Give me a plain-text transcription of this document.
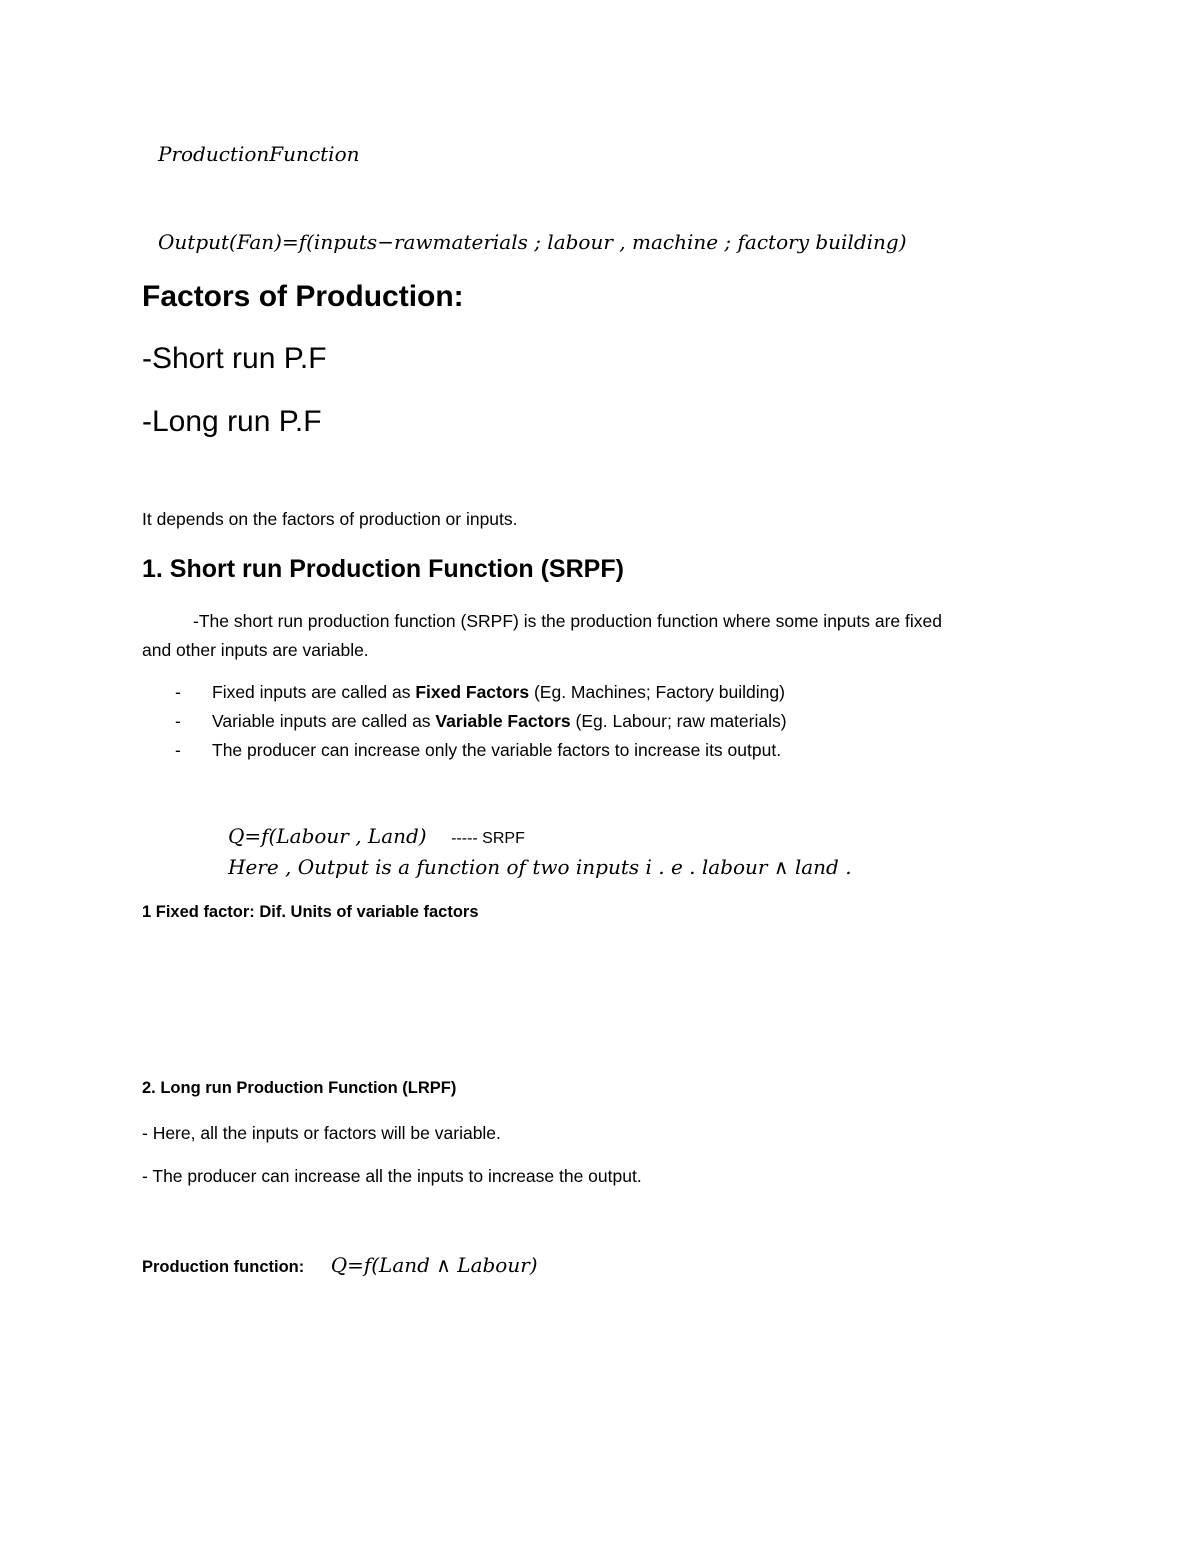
ProductionFunction
Output(Fan)=f(inputs−rawmaterials ; labour , machine ; factory building)
Factors of Production:
-Short run P.F
-Long run P.F
It depends on the factors of production or inputs.
1. Short run Production Function (SRPF)
-The short run production function (SRPF) is the production function where some inputs are fixed
and other inputs are variable.
- Fixed inputs are called as Fixed Factors (Eg. Machines; Factory building)
- Variable inputs are called as Variable Factors (Eg. Labour; raw materials)
- The producer can increase only the variable factors to increase its output.
Q=f(Labour , Land) ----- SRPF
Here , Output is a function of two inputs i . e . labour ∧ land .
1 Fixed factor: Dif. Units of variable factors
2. Long run Production Function (LRPF)
- Here, all the inputs or factors will be variable.
- The producer can increase all the inputs to increase the output.
Production function: Q=f(Land ∧ Labour)
